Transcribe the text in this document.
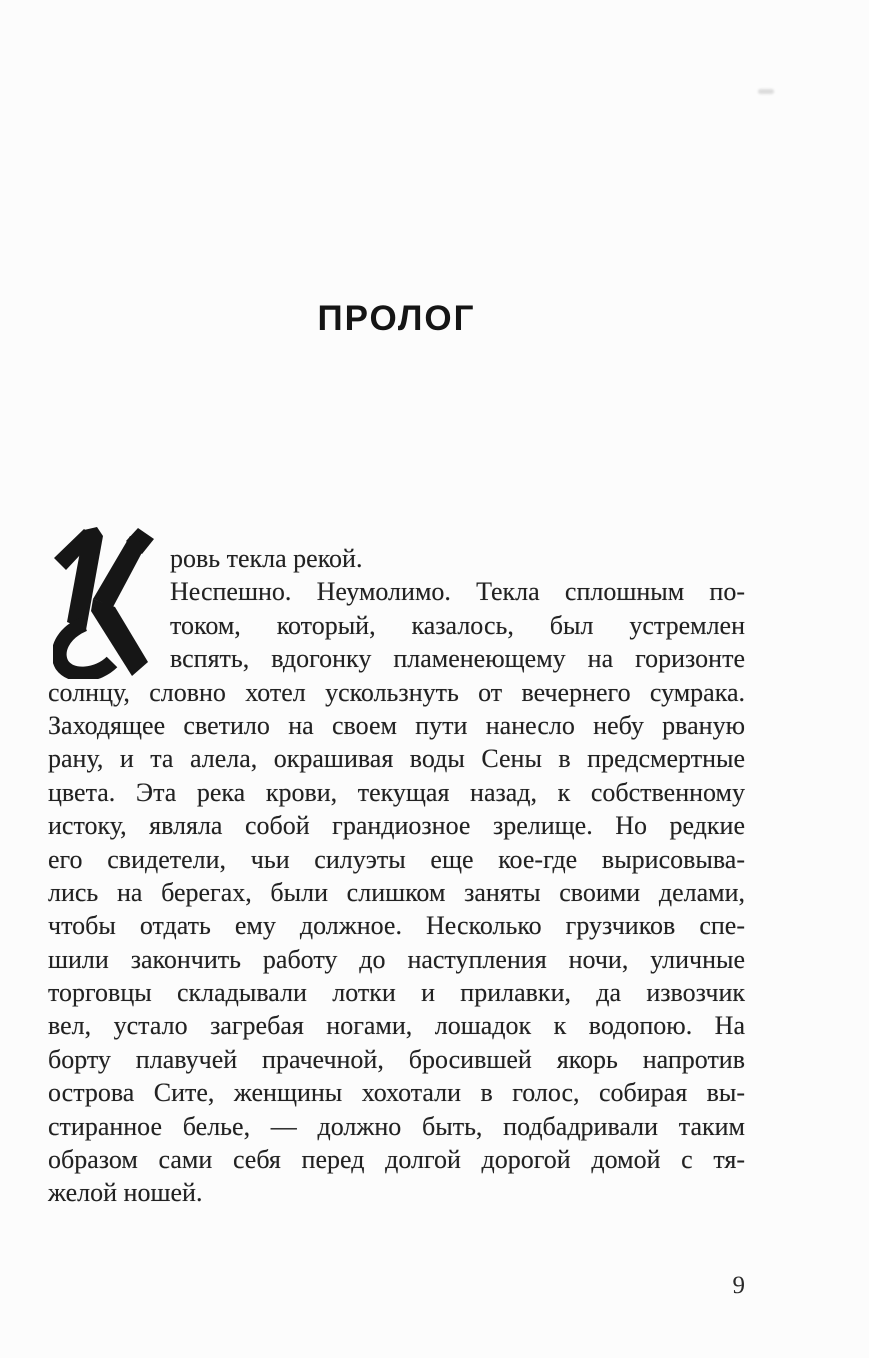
ПРОЛОГ
ровь текла рекой.
Неспешно. Неумолимо. Текла сплошным по-
током, который, казалось, был устремлен
вспять, вдогонку пламенеющему на горизонте
солнцу, словно хотел ускользнуть от вечернего сумрака.
Заходящее светило на своем пути нанесло небу рваную
рану, и та алела, окрашивая воды Сены в предсмертные
цвета. Эта река крови, текущая назад, к собственному
истоку, являла собой грандиозное зрелище. Но редкие
его свидетели, чьи силуэты еще кое-где вырисовыва-
лись на берегах, были слишком заняты своими делами,
чтобы отдать ему должное. Несколько грузчиков спе-
шили закончить работу до наступления ночи, уличные
торговцы складывали лотки и прилавки, да извозчик
вел, устало загребая ногами, лошадок к водопою. На
борту плавучей прачечной, бросившей якорь напротив
острова Сите, женщины хохотали в голос, собирая вы-
стиранное белье, — должно быть, подбадривали таким
образом сами себя перед долгой дорогой домой с тя-
желой ношей.
9
